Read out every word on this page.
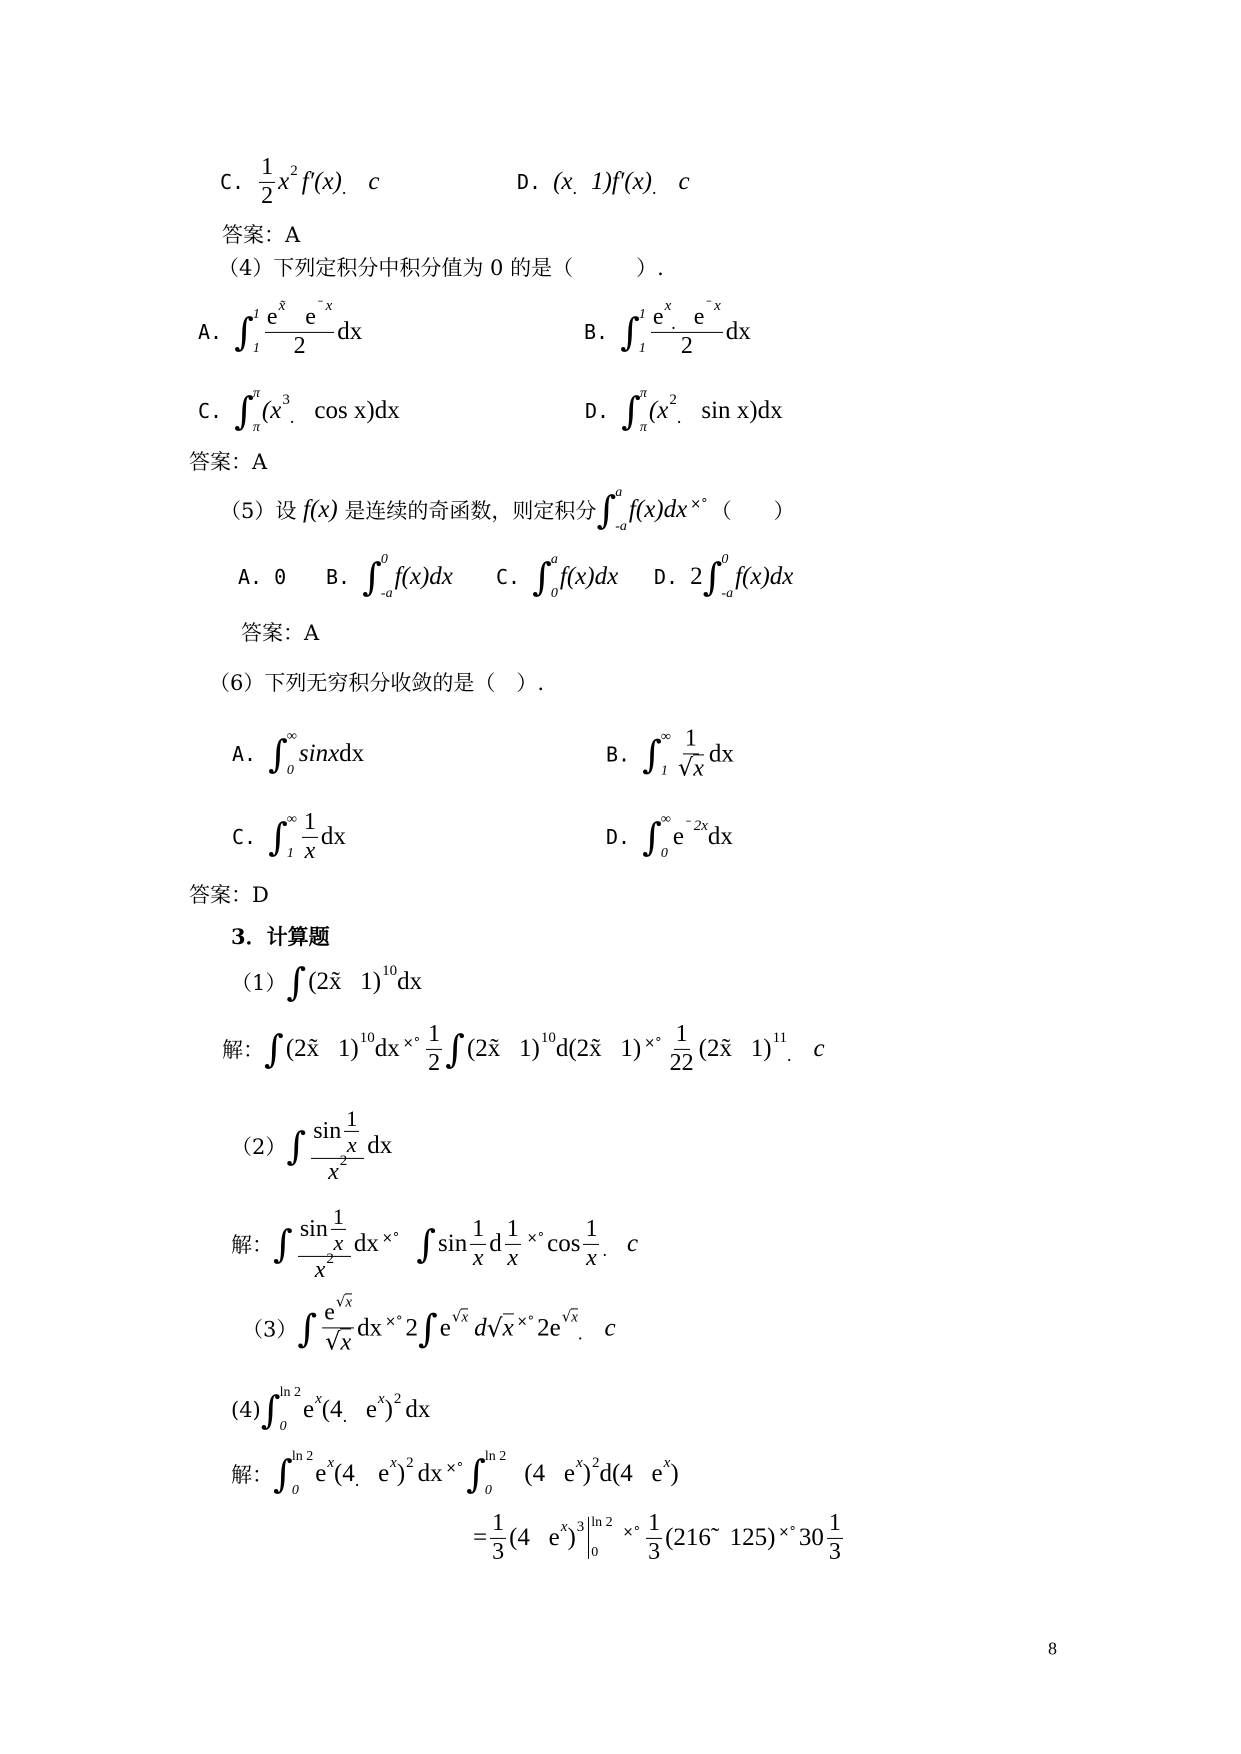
C. $\frac{1}{2}$ x 2 f′(x) . c	D. (x . 1)f′(x) . c
答案：A
（4）下列定积分中积分值为 0 的是（　　　）.
A. ∫ 1
$1 \frac{\text{e x̃ e ˉ x}}{2}$ dx	B. ∫ 1
1 e x
. e ˉ x
2 dx
C. ∫ π
π
(x 3
. cos x)dx	D. ∫ π
π
(x 2
. sin x)dx
答案：A
（5）设 f(x) 是连续的奇函数，则定积分 ∫ a
-a
f(x)dx ×° （　　）
A. 0 B. ∫ 0
-a
f(x)dx C. ∫ a
0
f(x)dx D. 2 ∫ 0
-a
f(x)dx
答案：A
（6）下列无穷积分收敛的是（　）.
A. ∫ ∞
0
sinx dx	B. ∫ ∞
$1 \frac{1}{√ x}$ dx
C. ∫ ∞
$1 \frac{1}{x}$ dx	D. ∫ ∞
0
e ˉ 2x dx
答案：D
3．计算题
（1） ∫ (2x̃   1) 10 dx
解： ∫ (2x̃   1) 10 dx ×° $\frac{1}{2}$ ∫ (2x̃   1) 10 d(2x̃   1) ×° $\frac{1}{22}$ (2x̃   1) 11
. c
（2） ∫ $\frac{\sin \frac{1}{x}}{x 2}$ dx
解： ∫ $\frac{\sin \frac{1}{x}}{x 2}$ dx ×° ∫ $\sin \frac{1}{x}$ d $\frac{1}{x}$ ×° $\cos \frac{1}{x}$ . c
（3） ∫ $\frac{e √x}{√ x}$ dx ×° 2 ∫ e √x d √ x ×° 2e √x
. c
(4) ∫ ln 2
0
e x (4 . e x ) 2 dx
解： ∫ ln 2
0
e x (4 . e x ) 2 dx ×° ∫ ln 2
0
(4 e x ) 2 d(4   e x )
= $\frac{1}{3} (4$   e x ) 3 ln 2
0
×° $\frac{1}{3}$ (216̃   125) ×° $30 \frac{1}{3}$
8
